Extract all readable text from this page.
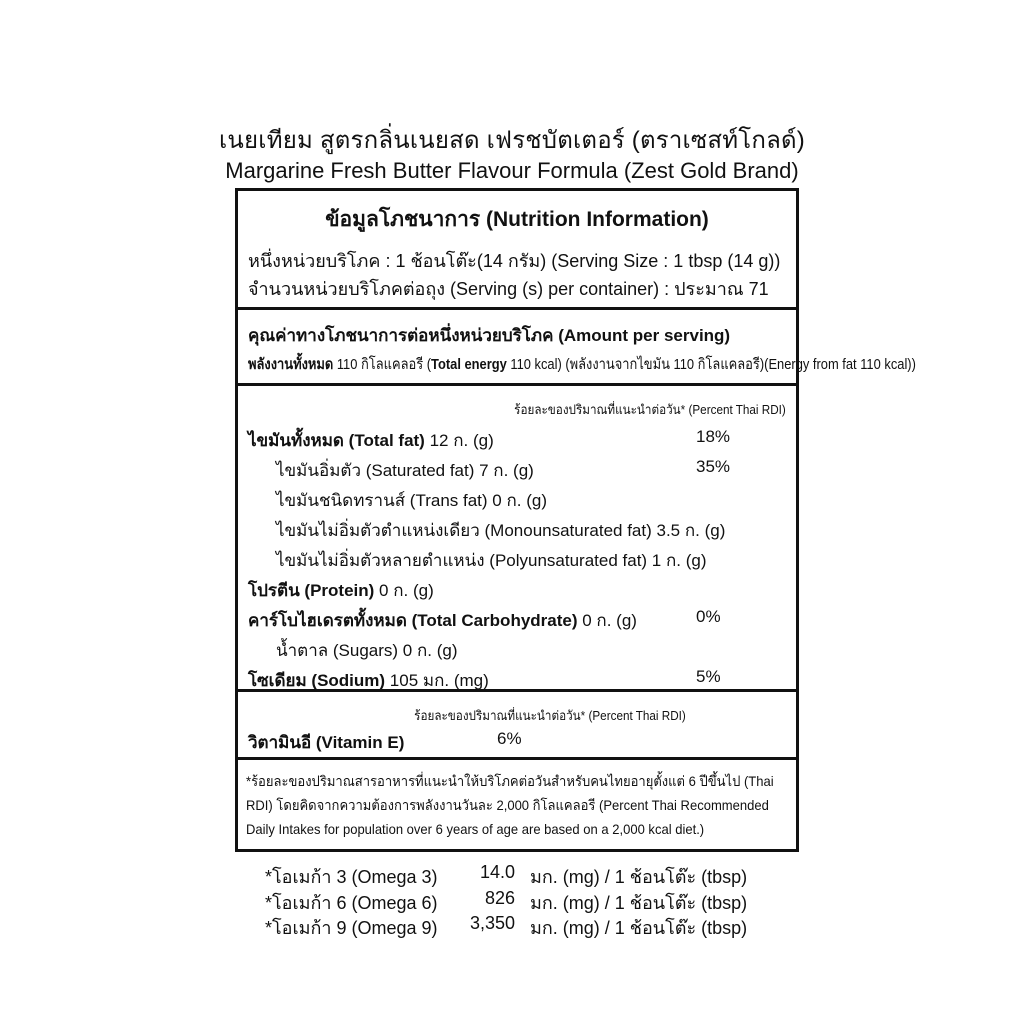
เนยเทียม สูตรกลิ่นเนยสด เฟรชบัตเตอร์ (ตราเซสท์โกลด์)
Margarine Fresh Butter Flavour Formula (Zest Gold Brand)
ข้อมูลโภชนาการ (Nutrition Information)
หนึ่งหน่วยบริโภค : 1 ช้อนโต๊ะ(14 กรัม) (Serving Size : 1 tbsp (14 g))
จำนวนหน่วยบริโภคต่อถุง (Serving (s) per container) : ประมาณ 71
คุณค่าทางโภชนาการต่อหนึ่งหน่วยบริโภค (Amount per serving)
พลังงานทั้งหมด 110 กิโลแคลอรี (Total energy 110 kcal) (พลังงานจากไขมัน 110 กิโลแคลอรี)(Energy from fat 110 kcal))
ร้อยละของปริมาณที่แนะนำต่อวัน* (Percent Thai RDI)
ไขมันทั้งหมด (Total fat) 12 ก. (g)	18%
ไขมันอิ่มตัว (Saturated fat) 7 ก. (g)	35%
ไขมันชนิดทรานส์ (Trans fat) 0 ก. (g)
ไขมันไม่อิ่มตัวตำแหน่งเดียว (Monounsaturated fat) 3.5 ก. (g)
ไขมันไม่อิ่มตัวหลายตำแหน่ง (Polyunsaturated fat) 1 ก. (g)
โปรตีน (Protein) 0 ก. (g)
คาร์โบไฮเดรตทั้งหมด (Total Carbohydrate) 0 ก. (g)	0%
น้ำตาล (Sugars) 0 ก. (g)
โซเดียม (Sodium) 105 มก. (mg)	5%
ร้อยละของปริมาณที่แนะนำต่อวัน* (Percent Thai RDI)
วิตามินอี (Vitamin E)	6%
*ร้อยละของปริมาณสารอาหารที่แนะนำให้บริโภคต่อวันสำหรับคนไทยอายุตั้งแต่ 6 ปีขึ้นไป (Thai RDI) โดยคิดจากความต้องการพลังงานวันละ 2,000 กิโลแคลอรี (Percent Thai Recommended Daily Intakes for population over 6 years of age are based on a 2,000 kcal diet.)
*โอเมก้า 3 (Omega 3)	14.0 มก. (mg) / 1 ช้อนโต๊ะ (tbsp)
*โอเมก้า 6 (Omega 6)	826 มก. (mg) / 1 ช้อนโต๊ะ (tbsp)
*โอเมก้า 9 (Omega 9)	3,350 มก. (mg) / 1 ช้อนโต๊ะ (tbsp)
